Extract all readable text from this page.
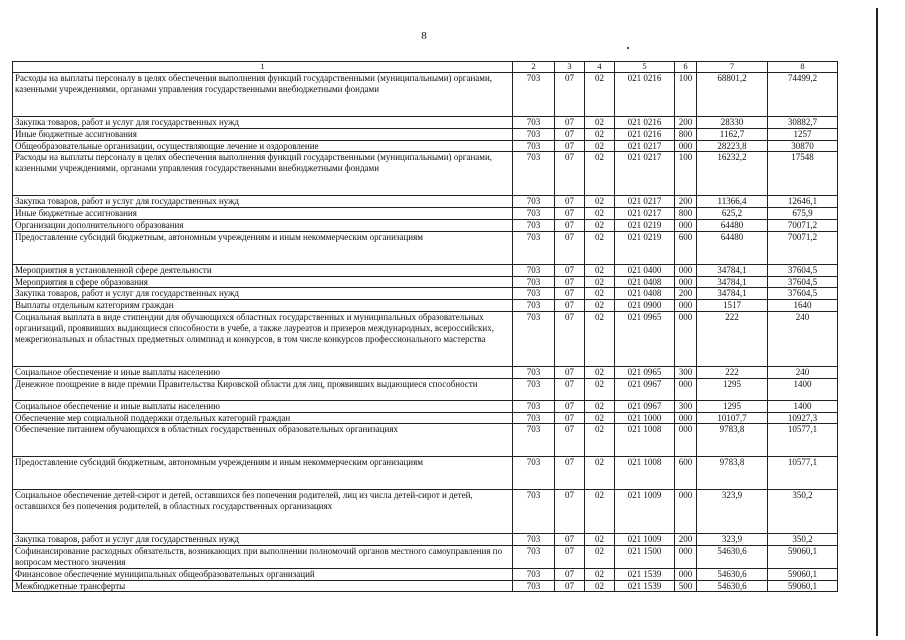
8
1	2	3	4	5	6	7	8
Расходы на выплаты персоналу в целях обеспечения выполнения функций государственными (муниципальными) органами, казенными учреждениями, органами управления государственными внебюджетными фондами	703	07	02	021 0216	100	68801,2	74499,2
Закупка товаров, работ и услуг для государственных нужд	703	07	02	021 0216	200	28330	30882,7
Иные бюджетные ассигнования	703	07	02	021 0216	800	1162,7	1257
Общеобразовательные организации, осуществляющие лечение и оздоровление	703	07	02	021 0217	000	28223,8	30870
Расходы на выплаты персоналу в целях обеспечения выполнения функций государственными (муниципальными) органами, казенными учреждениями, органами управления государственными внебюджетными фондами	703	07	02	021 0217	100	16232,2	17548
Закупка товаров, работ и услуг для государственных нужд	703	07	02	021 0217	200	11366,4	12646,1
Иные бюджетные ассигнования	703	07	02	021 0217	800	625,2	675,9
Организации дополнительного образования	703	07	02	021 0219	000	64480	70071,2
Предоставление субсидий бюджетным, автономным учреждениям и иным некоммерческим организациям	703	07	02	021 0219	600	64480	70071,2
Мероприятия в установленной сфере деятельности	703	07	02	021 0400	000	34784,1	37604,5
Мероприятия в сфере образования	703	07	02	021 0408	000	34784,1	37604,5
Закупка товаров, работ и услуг для государственных нужд	703	07	02	021 0408	200	34784,1	37604,5
Выплаты отдельным категориям граждан	703	07	02	021 0900	000	1517	1640
Социальная выплата в виде стипендии для обучающихся областных государственных и муниципальных образовательных организаций, проявивших выдающиеся способности в учебе, а также лауреатов и призеров международных, всероссийских, межрегиональных и областных предметных олимпиад и конкурсов, в том числе конкурсов профессионального мастерства	703	07	02	021 0965	000	222	240
Социальное обеспечение и иные выплаты населению	703	07	02	021 0965	300	222	240
Денежное поощрение в виде премии Правительства Кировской области для лиц, проявивших выдающиеся способности	703	07	02	021 0967	000	1295	1400
Социальное обеспечение и иные выплаты населению	703	07	02	021 0967	300	1295	1400
Обеспечение мер социальной поддержки отдельных категорий граждан	703	07	02	021 1000	000	10107,7	10927,3
Обеспечение питанием обучающихся в областных государственных образовательных организациях	703	07	02	021 1008	000	9783,8	10577,1
Предоставление субсидий бюджетным, автономным учреждениям и иным некоммерческим организациям	703	07	02	021 1008	600	9783,8	10577,1
Социальное обеспечение детей-сирот и детей, оставшихся без попечения родителей, лиц из числа детей-сирот и детей, оставшихся без попечения родителей, в областных государственных организациях	703	07	02	021 1009	000	323,9	350,2
Закупка товаров, работ и услуг для государственных нужд	703	07	02	021 1009	200	323,9	350,2
Софинансирование расходных обязательств, возникающих при выполнении полномочий органов местного самоуправления по вопросам местного значения	703	07	02	021 1500	000	54630,6	59060,1
Финансовое обеспечение муниципальных общеобразовательных организаций	703	07	02	021 1539	000	54630,6	59060,1
Межбюджетные трансферты	703	07	02	021 1539	500	54630,6	59060,1
